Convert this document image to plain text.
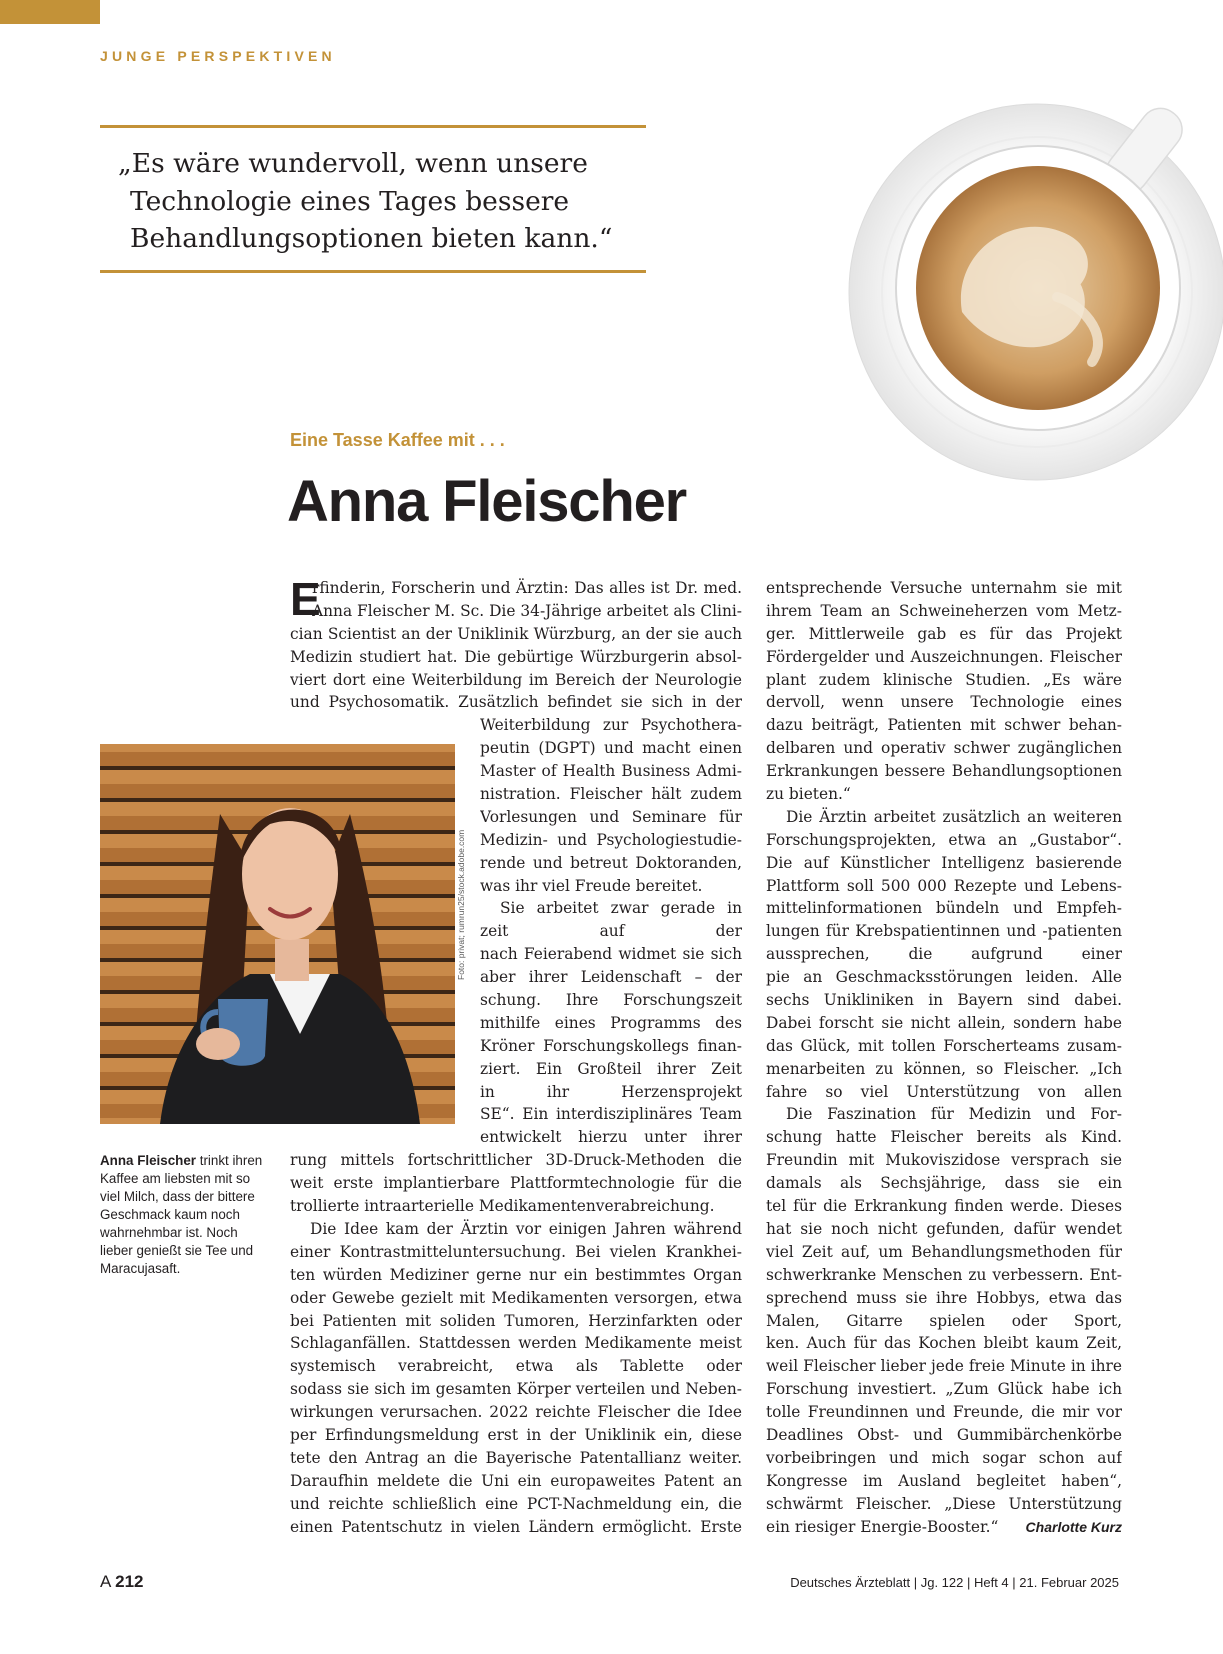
JUNGE PERSPEKTIVEN
„Es wäre wundervoll, wenn unsere
Technologie eines Tages bessere
Behandlungsoptionen bieten kann.“
Eine Tasse Kaffee mit . . .
Anna Fleischer
E
rfinderin, Forscherin und Ärztin: Das alles ist Dr. med.
Anna Fleischer M. Sc. Die 34-Jährige arbeitet als Clini-
cian Scientist an der Uniklinik Würzburg, an der sie auch
Medizin studiert hat. Die gebürtige Würzburgerin absol-
viert dort eine Weiterbildung im Bereich der Neurologie
und Psychosomatik. Zusätzlich befindet sie sich in der
Weiterbildung zur Psychothera-
peutin (DGPT) und macht einen
Master of Health Business Admi-
nistration. Fleischer hält zudem
Vorlesungen und Seminare für
Medizin- und Psychologiestudie-
rende und betreut Doktoranden,
was ihr viel Freude bereitet.
Sie arbeitet zwar gerade in
zeit auf der
nach Feierabend widmet sie sich
aber ihrer Leidenschaft – der
schung. Ihre Forschungszeit
mithilfe eines Programms des
Kröner Forschungskollegs finan-
ziert. Ein Großteil ihrer Zeit
in ihr Herzensprojekt
SE“. Ein interdisziplinäres Team
entwickelt hierzu unter ihrer
rung mittels fortschrittlicher 3D-Druck-Methoden die
weit erste implantierbare Plattformtechnologie für die
trollierte intraarterielle Medikamentenverabreichung.
Die Idee kam der Ärztin vor einigen Jahren während
einer Kontrastmitteluntersuchung. Bei vielen Krankhei-
ten würden Mediziner gerne nur ein bestimmtes Organ
oder Gewebe gezielt mit Medikamenten versorgen, etwa
bei Patienten mit soliden Tumoren, Herzinfarkten oder
Schlaganfällen. Stattdessen werden Medikamente meist
systemisch verabreicht, etwa als Tablette oder
sodass sie sich im gesamten Körper verteilen und Neben-
wirkungen verursachen. 2022 reichte Fleischer die Idee
per Erfindungsmeldung erst in der Uniklinik ein, diese
tete den Antrag an die Bayerische Patentallianz weiter.
Daraufhin meldete die Uni ein europaweites Patent an
und reichte schließlich eine PCT-Nachmeldung ein, die
einen Patentschutz in vielen Ländern ermöglicht. Erste
entsprechende Versuche unternahm sie mit
ihrem Team an Schweineherzen vom Metz-
ger. Mittlerweile gab es für das Projekt
Fördergelder und Auszeichnungen. Fleischer
plant zudem klinische Studien. „Es wäre
dervoll, wenn unsere Technologie eines
dazu beiträgt, Patienten mit schwer behan-
delbaren und operativ schwer zugänglichen
Erkrankungen bessere Behandlungsoptionen
zu bieten.“
Die Ärztin arbeitet zusätzlich an weiteren
Forschungsprojekten, etwa an „Gustabor“.
Die auf Künstlicher Intelligenz basierende
Plattform soll 500 000 Rezepte und Lebens-
mittelinformationen bündeln und Empfeh-
lungen für Krebspatientinnen und -patienten
aussprechen, die aufgrund einer
pie an Geschmacksstörungen leiden. Alle
sechs Unikliniken in Bayern sind dabei.
Dabei forscht sie nicht allein, sondern habe
das Glück, mit tollen Forscherteams zusam-
menarbeiten zu können, so Fleischer. „Ich
fahre so viel Unterstützung von allen
Die Faszination für Medizin und For-
schung hatte Fleischer bereits als Kind.
Freundin mit Mukoviszidose versprach sie
damals als Sechsjährige, dass sie ein
tel für die Erkrankung finden werde. Dieses
hat sie noch nicht gefunden, dafür wendet
viel Zeit auf, um Behandlungsmethoden für
schwerkranke Menschen zu verbessern. Ent-
sprechend muss sie ihre Hobbys, etwa das
Malen, Gitarre spielen oder Sport,
ken. Auch für das Kochen bleibt kaum Zeit,
weil Fleischer lieber jede freie Minute in ihre
Forschung investiert. „Zum Glück habe ich
tolle Freundinnen und Freunde, die mir vor
Deadlines Obst- und Gummibärchenkörbe
vorbeibringen und mich sogar schon auf
Kongresse im Ausland begleitet haben“,
schwärmt Fleischer. „Diese Unterstützung
ein riesiger Energie-Booster.“ Charlotte Kurz
Foto: privat; rumrun25/stock.adobe.com
Anna Fleischer trinkt ihren Kaffee am liebsten mit so viel Milch, dass der bittere Geschmack kaum noch wahrnehmbar ist. Noch lieber genießt sie Tee und Maracujasaft.
A 212	Deutsches Ärzteblatt | Jg. 122 | Heft 4 | 21. Februar 2025
